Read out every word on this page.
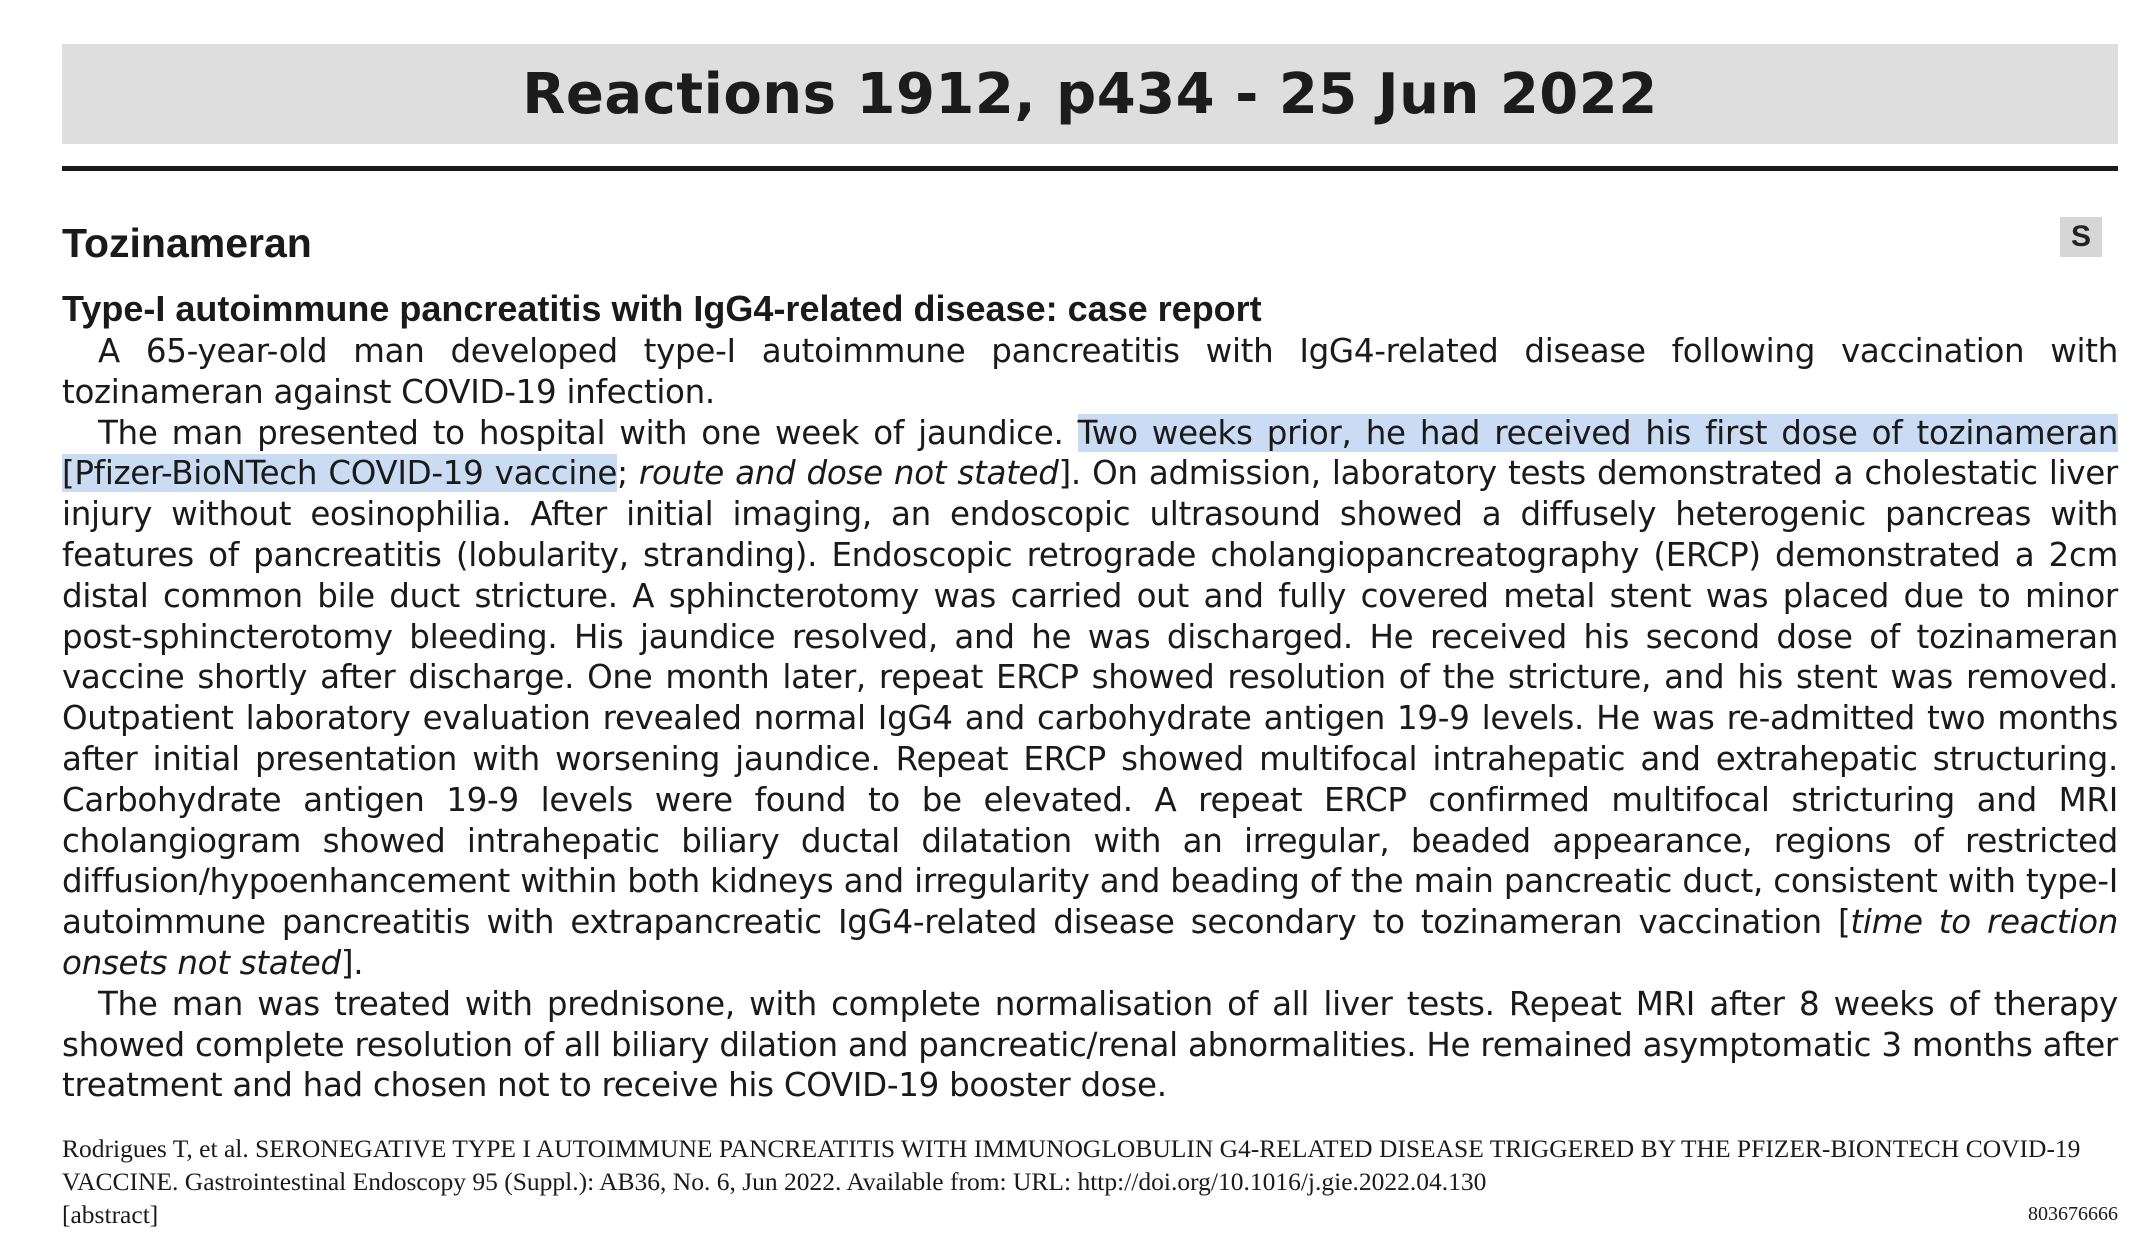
Reactions 1912, p434 - 25 Jun 2022
Tozinameran	S
Type-I autoimmune pancreatitis with IgG4-related disease: case report

A 65-year-old man developed type-I autoimmune pancreatitis with IgG4-related disease following vaccination with tozinameran against COVID-19 infection.

The man presented to hospital with one week of jaundice. Two weeks prior, he had received his first dose of tozinameran [Pfizer-BioNTech COVID-19 vaccine; route and dose not stated]. On admission, laboratory tests demonstrated a cholestatic liver injury without eosinophilia. After initial imaging, an endoscopic ultrasound showed a diffusely heterogenic pancreas with features of pancreatitis (lobularity, stranding). Endoscopic retrograde cholangiopancreatography (ERCP) demonstrated a 2cm distal common bile duct stricture. A sphincterotomy was carried out and fully covered metal stent was placed due to minor post-sphincterotomy bleeding. His jaundice resolved, and he was discharged. He received his second dose of tozinameran vaccine shortly after discharge. One month later, repeat ERCP showed resolution of the stricture, and his stent was removed. Outpatient laboratory evaluation revealed normal IgG4 and carbohydrate antigen 19-9 levels. He was re-admitted two months after initial presentation with worsening jaundice. Repeat ERCP showed multifocal intrahepatic and extrahepatic structuring. Carbohydrate antigen 19-9 levels were found to be elevated. A repeat ERCP confirmed multifocal stricturing and MRI cholangiogram showed intrahepatic biliary ductal dilatation with an irregular, beaded appearance, regions of restricted diffusion/hypoenhancement within both kidneys and irregularity and beading of the main pancreatic duct, consistent with type-I autoimmune pancreatitis with extrapancreatic IgG4-related disease secondary to tozinameran vaccination [time to reaction onsets not stated].

The man was treated with prednisone, with complete normalisation of all liver tests. Repeat MRI after 8 weeks of therapy showed complete resolution of all biliary dilation and pancreatic/renal abnormalities. He remained asymptomatic 3 months after treatment and had chosen not to receive his COVID-19 booster dose.

Rodrigues T, et al. SERONEGATIVE TYPE I AUTOIMMUNE PANCREATITIS WITH IMMUNOGLOBULIN G4-RELATED DISEASE TRIGGERED BY THE PFIZER-BIONTECH COVID-19 VACCINE. Gastrointestinal Endoscopy 95 (Suppl.): AB36, No. 6, Jun 2022. Available from: URL: http://doi.org/10.1016/j.gie.2022.04.130
[abstract]	803676666
